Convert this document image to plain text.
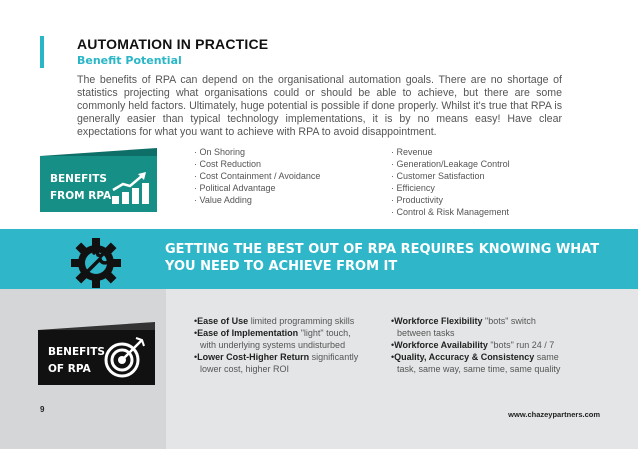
AUTOMATION IN PRACTICE
Benefit Potential

The benefits of RPA can depend on the organisational automation goals. There are no shortage of statistics projecting what organisations could or should be able to achieve, but there are some commonly held factors. Ultimately, huge potential is possible if done properly. Whilst it's true that RPA is generally easier than typical technology implementations, it is by no means easy! Have clear expectations for what you want to achieve with RPA to avoid disappointment.

BENEFITS
FROM RPA
· On Shoring
· Cost Reduction
· Cost Containment / Avoidance
· Political Advantage
· Value Adding
· Revenue
· Generation/Leakage Control
· Customer Satisfaction
· Efficiency
· Productivity
· Control & Risk Management

GETTING THE BEST OUT OF RPA REQUIRES KNOWING WHAT YOU NEED TO ACHIEVE FROM IT

BENEFITS
OF RPA
• Ease of Use limited programming skills
• Ease of Implementation "light" touch, with underlying systems undisturbed
• Lower Cost-Higher Return significantly lower cost, higher ROI
• Workforce Flexibility "bots" switch between tasks
• Workforce Availability "bots" run 24 / 7
• Quality, Accuracy & Consistency same task, same way, same time, same quality
9
www.chazeypartners.com
